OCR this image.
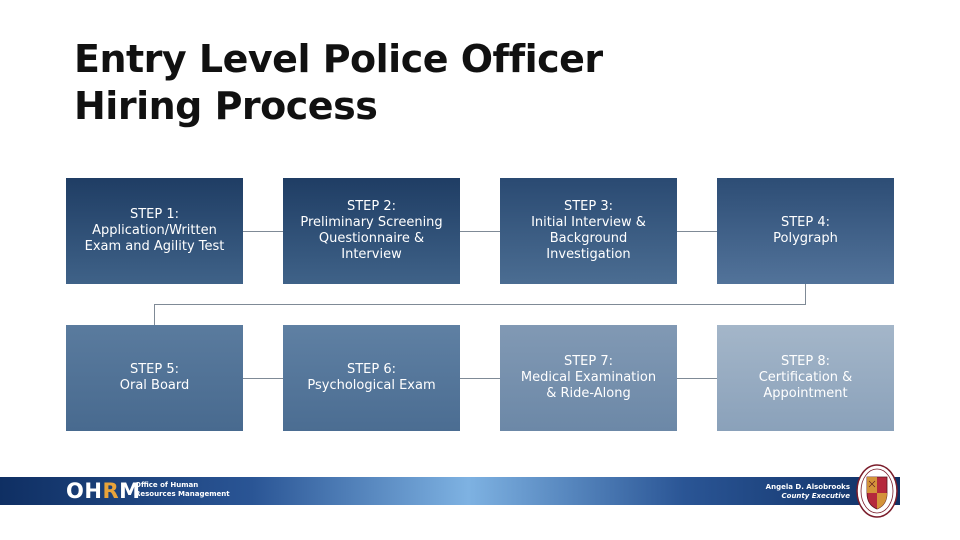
Entry Level Police Officer
Hiring Process
STEP 1:
Application/Written
Exam and Agility Test
STEP 2:
Preliminary Screening
Questionnaire &
Interview
STEP 3:
Initial Interview &
Background
Investigation
STEP 4:
Polygraph
STEP 5:
Oral Board
STEP 6:
Psychological Exam
STEP 7:
Medical Examination
& Ride-Along
STEP 8:
Certification &
Appointment
OHRM
Office of Human
Resources Management
Angela D. Alsobrooks
County Executive
